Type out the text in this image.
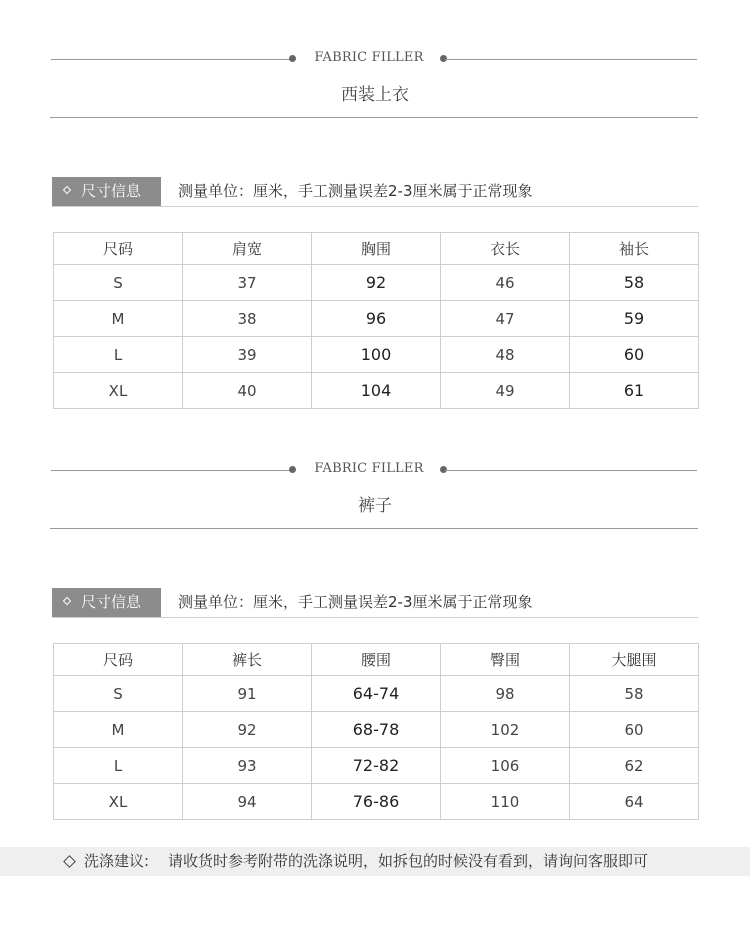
FABRIC FILLER
西装上衣
尺寸信息 测量单位：厘米，手工测量误差2-3厘米属于正常现象
尺码	肩宽	胸围	衣长	袖长
S	37	92	46	58
M	38	96	47	59
L	39	100	48	60
XL	40	104	49	61
FABRIC FILLER
裤子
尺寸信息 测量单位：厘米，手工测量误差2-3厘米属于正常现象
尺码	裤长	腰围	臀围	大腿围
S	91	64-74	98	58
M	92	68-78	102	60
L	93	72-82	106	62
XL	94	76-86	110	64
洗涤建议: 请收货时参考附带的洗涤说明，如拆包的时候没有看到，请询问客服即可
